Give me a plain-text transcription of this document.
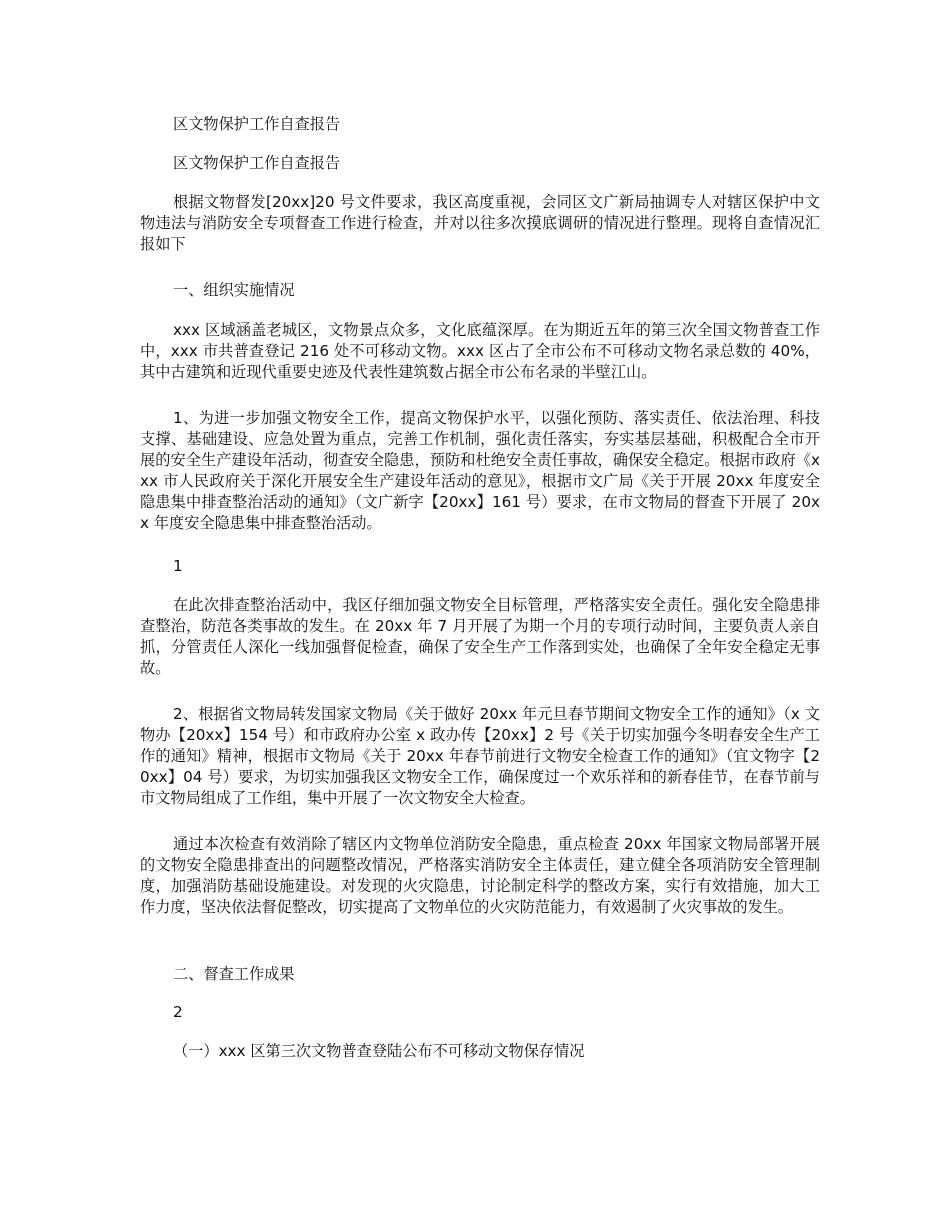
区文物保护工作自查报告

区文物保护工作自查报告

根据文物督发[20xx]20 号文件要求，我区高度重视，会同区文广新局抽调专人对辖区保护中文物违法与消防安全专项督查工作进行检查，并对以往多次摸底调研的情况进行整理。现将自查情况汇报如下

一、组织实施情况

xxx 区域涵盖老城区，文物景点众多，文化底蕴深厚。在为期近五年的第三次全国文物普查工作中，xxx 市共普查登记 216 处不可移动文物。xxx 区占了全市公布不可移动文物名录总数的 40%，其中古建筑和近现代重要史迹及代表性建筑数占据全市公布名录的半壁江山。

1、为进一步加强文物安全工作，提高文物保护水平，以强化预防、落实责任、依法治理、科技支撑、基础建设、应急处置为重点，完善工作机制，强化责任落实，夯实基层基础，积极配合全市开展的安全生产建设年活动，彻查安全隐患，预防和杜绝安全责任事故，确保安全稳定。根据市政府《xxx 市人民政府关于深化开展安全生产建设年活动的意见》，根据市文广局《关于开展 20xx 年度安全隐患集中排查整治活动的通知》（文广新字【20xx】161 号）要求，在市文物局的督查下开展了 20xx 年度安全隐患集中排查整治活动。

1

在此次排查整治活动中，我区仔细加强文物安全目标管理，严格落实安全责任。强化安全隐患排查整治，防范各类事故的发生。在 20xx 年 7 月开展了为期一个月的专项行动时间，主要负责人亲自抓，分管责任人深化一线加强督促检查，确保了安全生产工作落到实处，也确保了全年安全稳定无事故。

2、根据省文物局转发国家文物局《关于做好 20xx 年元旦春节期间文物安全工作的通知》（x 文物办【20xx】154 号）和市政府办公室 x 政办传【20xx】2 号《关于切实加强今冬明春安全生产工作的通知》精神，根据市文物局《关于 20xx 年春节前进行文物安全检查工作的通知》（宜文物字【20xx】04 号）要求，为切实加强我区文物安全工作，确保度过一个欢乐祥和的新春佳节，在春节前与市文物局组成了工作组，集中开展了一次文物安全大检查。

通过本次检查有效消除了辖区内文物单位消防安全隐患，重点检查 20xx 年国家文物局部署开展的文物安全隐患排查出的问题整改情况，严格落实消防安全主体责任，建立健全各项消防安全管理制度，加强消防基础设施建设。对发现的火灾隐患，讨论制定科学的整改方案，实行有效措施，加大工作力度，坚决依法督促整改，切实提高了文物单位的火灾防范能力，有效遏制了火灾事故的发生。

二、督查工作成果

2

（一）xxx 区第三次文物普查登陆公布不可移动文物保存情况
